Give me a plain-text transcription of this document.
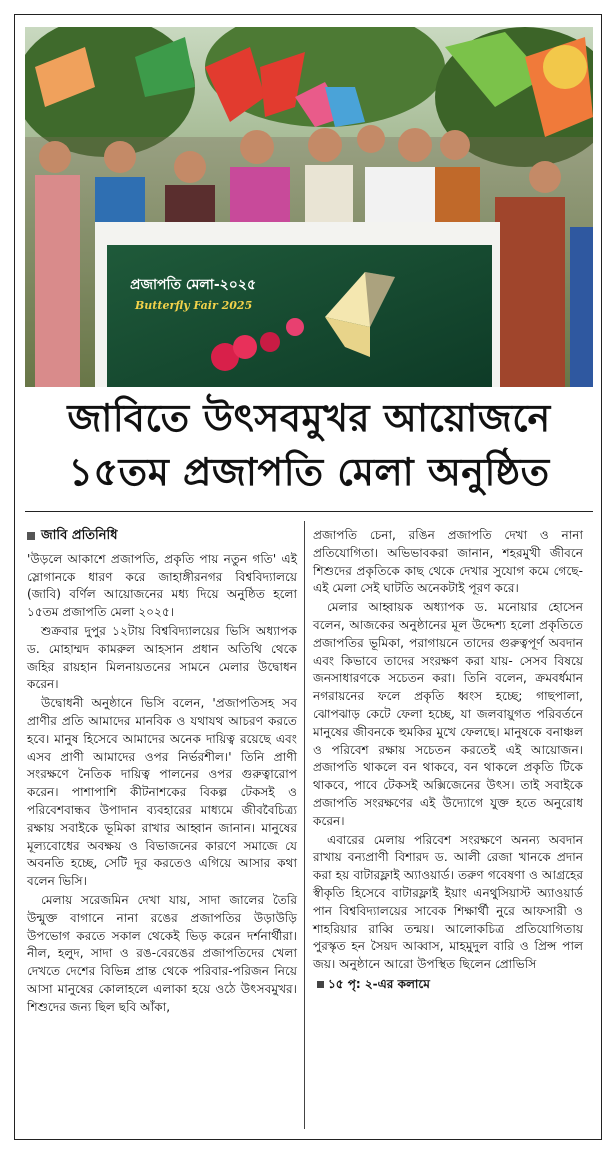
প্রজাপতি মেলা-২০২৫
Butterfly Fair 2025
জাবিতে উৎসবমুখর আয়োজনে
১৫তম প্রজাপতি মেলা অনুষ্ঠিত
জাবি প্রতিনিধি

'উড়লে আকাশে প্রজাপতি, প্রকৃতি পায় নতুন গতি' এই স্লোগানকে ধারণ করে জাহাঙ্গীরনগর বিশ্ববিদ্যালয়ে (জাবি) বর্ণিল আয়োজনের মধ্য দিয়ে অনুষ্ঠিত হলো ১৫তম প্রজাপতি মেলা ২০২৫।

শুক্রবার দুপুর ১২টায় বিশ্ববিদ্যালয়ের ভিসি অধ্যাপক ড. মোহাম্মদ কামরুল আহসান প্রধান অতিথি থেকে জহির রায়হান মিলনায়তনের সামনে মেলার উদ্বোধন করেন।

উদ্বোধনী অনুষ্ঠানে ভিসি বলেন, 'প্রজাপতিসহ সব প্রাণীর প্রতি আমাদের মানবিক ও যথাযথ আচরণ করতে হবে। মানুষ হিসেবে আমাদের অনেক দায়িত্ব রয়েছে এবং এসব প্রাণী আমাদের ওপর নির্ভরশীল।' তিনি প্রাণী সংরক্ষণে নৈতিক দায়িত্ব পালনের ওপর গুরুত্বারোপ করেন। পাশাপাশি কীটনাশকের বিকল্প টেকসই ও পরিবেশবান্ধব উপাদান ব্যবহারের মাধ্যমে জীববৈচিত্র্য রক্ষায় সবাইকে ভূমিকা রাখার আহ্বান জানান। মানুষের মূল্যবোধের অবক্ষয় ও বিভাজনের কারণে সমাজে যে অবনতি হচ্ছে, সেটি দূর করতেও এগিয়ে আসার কথা বলেন ভিসি।

মেলায় সরেজমিন দেখা যায়, সাদা জালের তৈরি উন্মুক্ত বাগানে নানা রঙের প্রজাপতির উড়াউড়ি উপভোগ করতে সকাল থেকেই ভিড় করেন দর্শনার্থীরা। নীল, হলুদ, সাদা ও রঙ-বেরঙের প্রজাপতিদের খেলা দেখতে দেশের বিভিন্ন প্রান্ত থেকে পরিবার-পরিজন নিয়ে আসা মানুষের কোলাহলে এলাকা হয়ে ওঠে উৎসবমুখর। শিশুদের জন্য ছিল ছবি আঁকা,

প্রজাপতি চেনা, রঙিন প্রজাপতি দেখা ও নানা প্রতিযোগিতা। অভিভাবকরা জানান, শহরমুখী জীবনে শিশুদের প্রকৃতিকে কাছ থেকে দেখার সুযোগ কমে গেছে- এই মেলা সেই ঘাটতি অনেকটাই পূরণ করে।

মেলার আহ্বায়ক অধ্যাপক ড. মনোয়ার হোসেন বলেন, আজকের অনুষ্ঠানের মূল উদ্দেশ্য হলো প্রকৃতিতে প্রজাপতির ভূমিকা, পরাগায়নে তাদের গুরুত্বপূর্ণ অবদান এবং কিভাবে তাদের সংরক্ষণ করা যায়- সেসব বিষয়ে জনসাধারণকে সচেতন করা। তিনি বলেন, ক্রমবর্ধমান নগরায়নের ফলে প্রকৃতি ধ্বংস হচ্ছে; গাছপালা, ঝোপঝাড় কেটে ফেলা হচ্ছে, যা জলবায়ুগত পরিবর্তনে মানুষের জীবনকে হুমকির মুখে ফেলছে। মানুষকে বনাঞ্চল ও পরিবেশ রক্ষায় সচেতন করতেই এই আয়োজন। প্রজাপতি থাকলে বন থাকবে, বন থাকলে প্রকৃতি টিকে থাকবে, পাবে টেকসই অক্সিজেনের উৎস। তাই সবাইকে প্রজাপতি সংরক্ষণের এই উদ্যোগে যুক্ত হতে অনুরোধ করেন।

এবারের মেলায় পরিবেশ সংরক্ষণে অনন্য অবদান রাখায় বন্যপ্রাণী বিশারদ ড. আলী রেজা খানকে প্রদান করা হয় বাটারফ্লাই অ্যাওয়ার্ড। তরুণ গবেষণা ও আগ্রহের স্বীকৃতি হিসেবে বাটারফ্লাই ইয়াং এনথুসিয়াস্ট অ্যাওয়ার্ড পান বিশ্ববিদ্যালয়ের সাবেক শিক্ষার্থী নুরে আফসারী ও শাহরিয়ার রাব্বি তন্ময়। আলোকচিত্র প্রতিযোগিতায় পুরস্কৃত হন সৈয়দ আব্বাস, মাহমুদুল বারি ও প্রিন্স পাল জয়। অনুষ্ঠানে আরো উপস্থিত ছিলেন প্রোভিসি

১৫ পৃ: ২-এর কলামে
